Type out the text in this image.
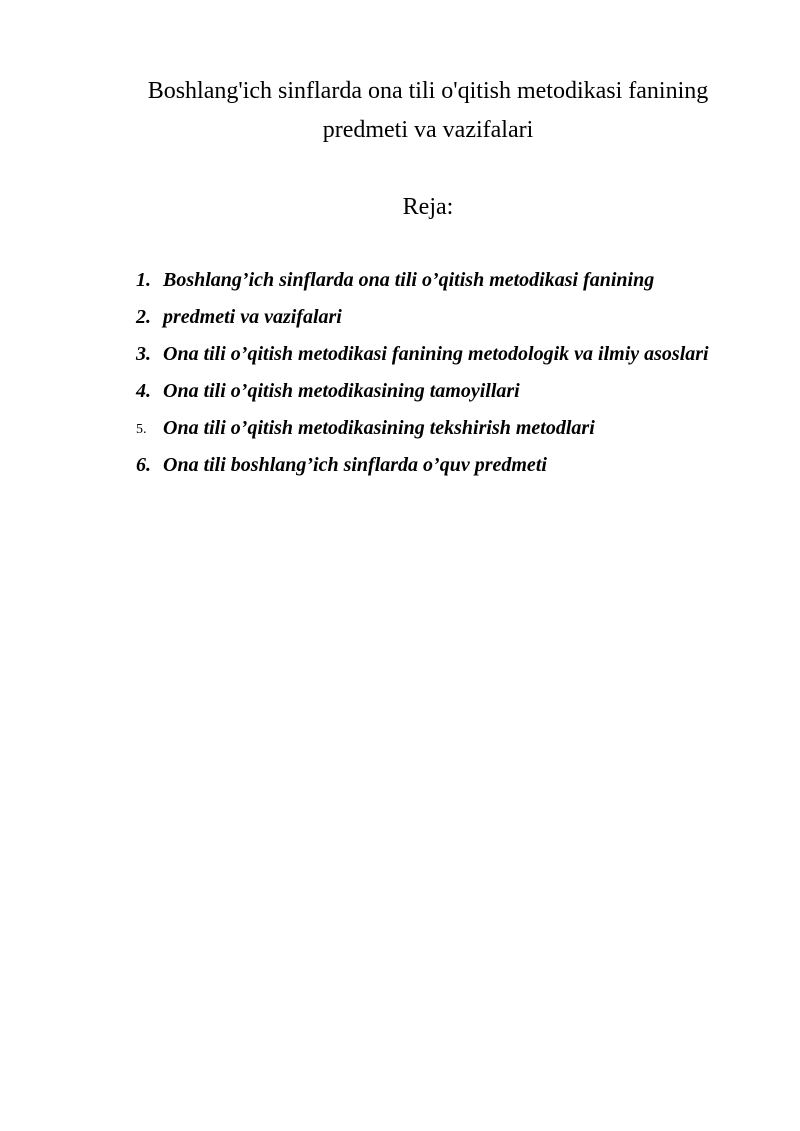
Boshlang'ich sinflarda ona tili o'qitish metodikasi fanining
predmeti va vazifalari

Reja:

1. Boshlang’ich sinflarda ona tili o’qitish metodikasi fanining
2. predmeti va vazifalari
3. Ona tili o’qitish metodikasi fanining metodologik va ilmiy asoslari
4. Ona tili o’qitish metodikasining tamoyillari
5. Ona tili o’qitish metodikasining tekshirish metodlari
6. Ona tili boshlang’ich sinflarda o’quv predmeti
